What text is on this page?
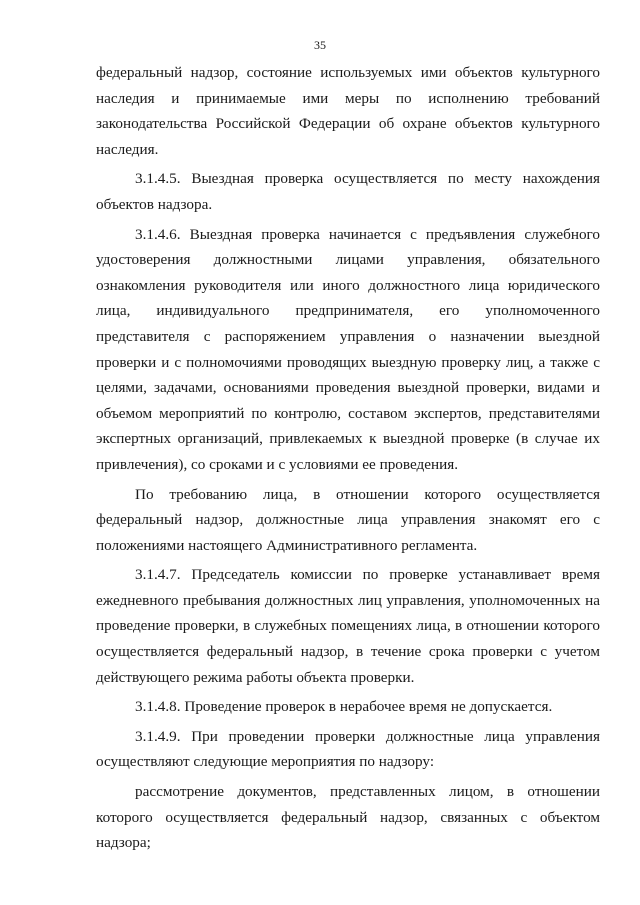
35

федеральный надзор, состояние используемых ими объектов культурного наследия и принимаемые ими меры по исполнению требований законодательства Российской Федерации об охране объектов культурного наследия.

3.1.4.5. Выездная проверка осуществляется по месту нахождения объектов надзора.

3.1.4.6. Выездная проверка начинается с предъявления служебного удостоверения должностными лицами управления, обязательного ознакомления руководителя или иного должностного лица юридического лица, индивидуального предпринимателя, его уполномоченного представителя с распоряжением управления о назначении выездной проверки и с полномочиями проводящих выездную проверку лиц, а также с целями, задачами, основаниями проведения выездной проверки, видами и объемом мероприятий по контролю, составом экспертов, представителями экспертных организаций, привлекаемых к выездной проверке (в случае их привлечения), со сроками и с условиями ее проведения.

По требованию лица, в отношении которого осуществляется федеральный надзор, должностные лица управления знакомят его с положениями настоящего Административного регламента.

3.1.4.7. Председатель комиссии по проверке устанавливает время ежедневного пребывания должностных лиц управления, уполномоченных на проведение проверки, в служебных помещениях лица, в отношении которого осуществляется федеральный надзор, в течение срока проверки с учетом действующего режима работы объекта проверки.

3.1.4.8. Проведение проверок в нерабочее время не допускается.

3.1.4.9. При проведении проверки должностные лица управления осуществляют следующие мероприятия по надзору:

рассмотрение документов, представленных лицом, в отношении которого осуществляется федеральный надзор, связанных с объектом надзора;
